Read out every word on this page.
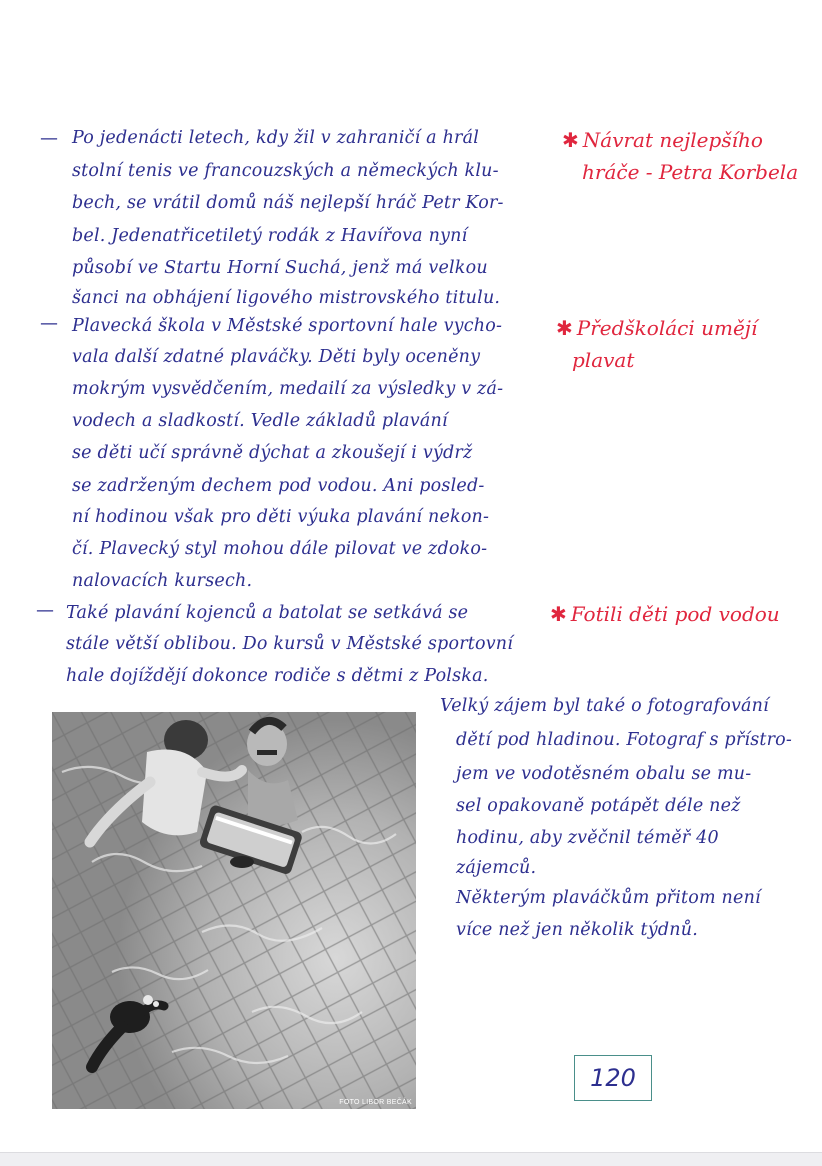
— Po jedenácti letech, kdy žil v zahraničí a hrál
stolní tenis ve francouzských a německých klu-
bech, se vrátil domů náš nejlepší hráč Petr Kor-
bel. Jedenatřicetiletý rodák z Havířova nyní
působí ve Startu Horní Suchá, jenž má velkou
šanci na obhájení ligového mistrovského titulu.
✱ Návrat nejlepšího
hráče - Petra Korbela
— Plavecká škola v Městské sportovní hale vycho-
vala další zdatné plaváčky. Děti byly oceněny
mokrým vysvědčením, medailí za výsledky v zá-
vodech a sladkostí. Vedle základů plavání
se děti učí správně dýchat a zkoušejí i výdrž
se zadrženým dechem pod vodou. Ani posled-
ní hodinou však pro děti výuka plavání nekon-
čí. Plavecký styl mohou dále pilovat ve zdoko-
nalovacích kursech.
✱ Předškoláci umějí
plavat
— Také plavání kojenců a batolat se setkává se
stále větší oblibou. Do kursů v Městské sportovní
hale dojíždějí dokonce rodiče s dětmi z Polska.
✱ Fotili děti pod vodou
FOTO LIBOR BEČÁK
Velký zájem byl také o fotografování
dětí pod hladinou. Fotograf s přístro-
jem ve vodotěsném obalu se mu-
sel opakovaně potápět déle než
hodinu, aby zvěčnil téměř 40
zájemců.
Některým plaváčkům přitom není
více než jen několik týdnů.
120
